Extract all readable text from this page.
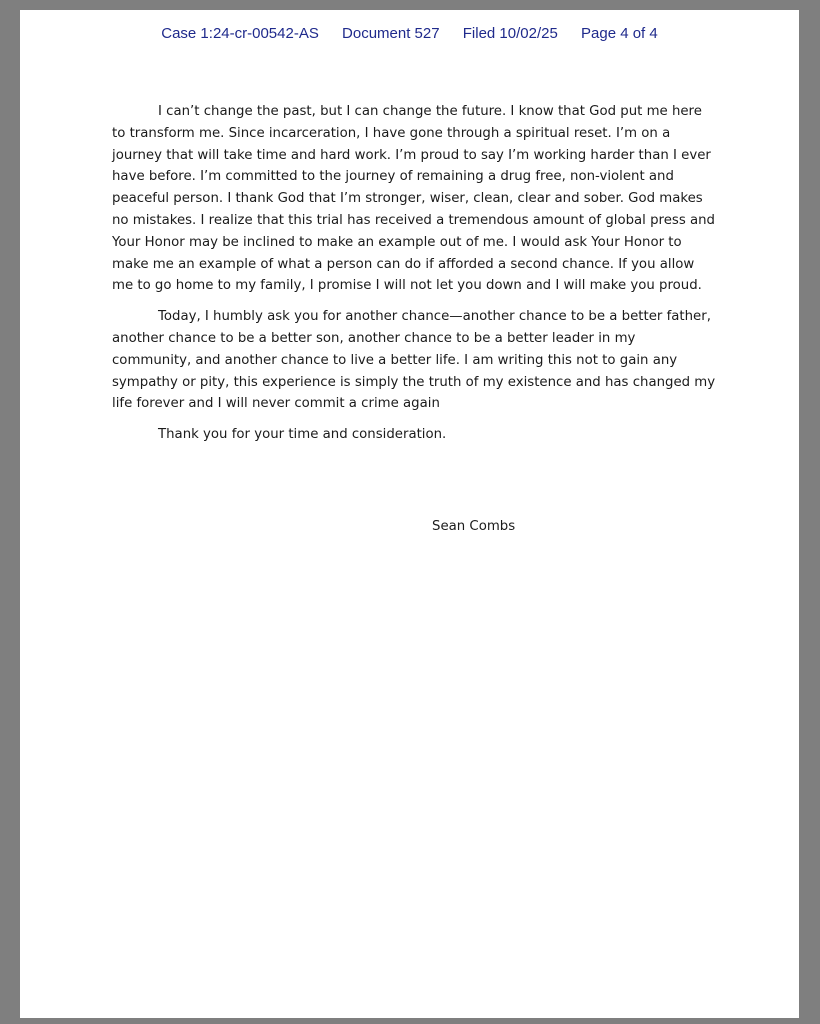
Case 1:24-cr-00542-AS Document 527 Filed 10/02/25 Page 4 of 4

I can’t change the past, but I can change the future. I know that God put me here to transform me. Since incarceration, I have gone through a spiritual reset. I’m on a journey that will take time and hard work. I’m proud to say I’m working harder than I ever have before. I’m committed to the journey of remaining a drug free, non-violent and peaceful person. I thank God that I’m stronger, wiser, clean, clear and sober. God makes no mistakes. I realize that this trial has received a tremendous amount of global press and Your Honor may be inclined to make an example out of me. I would ask Your Honor to make me an example of what a person can do if afforded a second chance. If you allow me to go home to my family, I promise I will not let you down and I will make you proud.

Today, I humbly ask you for another chance—another chance to be a better father, another chance to be a better son, another chance to be a better leader in my community, and another chance to live a better life. I am writing this not to gain any sympathy or pity, this experience is simply the truth of my existence and has changed my life forever and I will never commit a crime again

Thank you for your time and consideration.

Sean Combs
